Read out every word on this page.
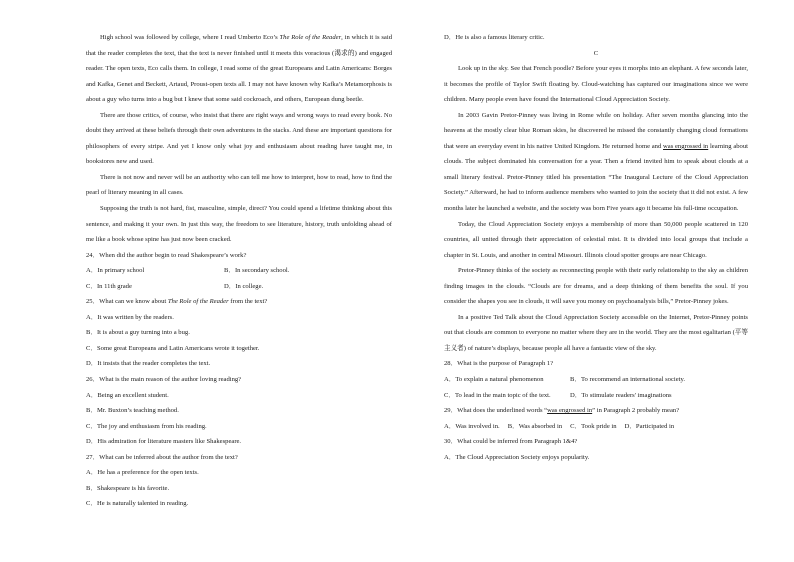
High school was followed by college, where I read Umberto Eco’s The Role of the Reader, in which it is said that the reader completes the text, that the text is never finished until it meets this voracious (渴求的) and engaged reader. The open texts, Eco calls them. In college, I read some of the great Europeans and Latin Americans: Borges and Kafka, Genet and Beckett, Artaud, Proust-open texts all. I may not have known why Kafka’s Metamorphosis is about a guy who turns into a bug but I knew that some said cockroach, and others, European dung beetle.

There are those critics, of course, who insist that there are right ways and wrong ways to read every book. No doubt they arrived at these beliefs through their own adventures in the stacks. And these are important questions for philosophers of every stripe. And yet I know only what joy and enthusiasm about reading have taught me, in bookstores new and used.

There is not now and never will be an authority who can tell me how to interpret, how to read, how to find the pearl of literary meaning in all cases.

Supposing the truth is not hard, fist, masculine, simple, direct? You could spend a lifetime thinking about this sentence, and making it your own. In just this way, the freedom to see literature, history, truth unfolding ahead of me like a book whose spine has just now been cracked.

24．When did the author begin to read Shakespeare’s work?

A．In primary school	B．In secondary school.
C．In 11th grade	D．In college.

25．What can we know about The Role of the Reader from the text?

A．It was written by the readers.

B．It is about a guy turning into a bug.

C．Some great Europeans and Latin Americans wrote it together.

D．It insists that the reader completes the text.

26．What is the main reason of the author loving reading?

A．Being an excellent student.

B．Mr. Buxton’s teaching method.

C．The joy and enthusiasm from his reading.

D．His admiration for literature masters like Shakespeare.

27．What can be inferred about the author from the text?

A．He has a preference for the open texts.

B．Shakespeare is his favorite.

C．He is naturally talented in reading.

D．He is also a famous literary critic.

C

Look up in the sky. See that French poodle? Before your eyes it morphs into an elephant. A few seconds later, it becomes the profile of Taylor Swift floating by. Cloud-watching has captured our imaginations since we were children. Many people even have found the International Cloud Appreciation Society.

In 2003 Gavin Pretor-Pinney was living in Rome while on holiday. After seven months glancing into the heavens at the mostly clear blue Roman skies, he discovered he missed the constantly changing cloud formations that were an everyday event in his native United Kingdom. He returned home and was engrossed in learning about clouds. The subject dominated his conversation for a year. Then a friend invited him to speak about clouds at a small literary festival. Pretor-Pinney titled his presentation “The Inaugural Lecture of the Cloud Appreciation Society.” Afterward, he had to inform audience members who wanted to join the society that it did not exist. A few months later he launched a website, and the society was born Five years ago it became his full-time occupation.

Today, the Cloud Appreciation Society enjoys a membership of more than 50,000 people scattered in 120 countries, all united through their appreciation of celestial mist. It is divided into local groups that include a chapter in St. Louis, and another in central Missouri. Illinois cloud spotter groups are near Chicago.

Pretor-Pinney thinks of the society as reconnecting people with their early relationship to the sky as children finding images in the clouds. “Clouds are for dreams, and a deep thinking of them benefits the soul. If you consider the shapes you see in clouds, it will save you money on psychoanalysis bills,” Pretor-Pinney jokes.

In a positive Ted Talk about the Cloud Appreciation Society accessible on the Internet, Pretor-Pinney points out that clouds are common to everyone no matter where they are in the world. They are the most egalitarian (平等主义者) of nature’s displays, because people all have a fantastic view of the sky.

28．What is the purpose of Paragraph 1?

A．To explain a natural phenomenon	B．To recommend an international society.
C．To lead in the main topic of the text.	D．To stimulate readers' imaginations

29．What does the underlined words “was engrossed in” in Paragraph 2 probably mean?

A．Was involved in. B．Was absorbed in C．Took pride in D．Participated in

30．What could be inferred from Paragraph 1&4?

A．The Cloud Appreciation Society enjoys popularity.
